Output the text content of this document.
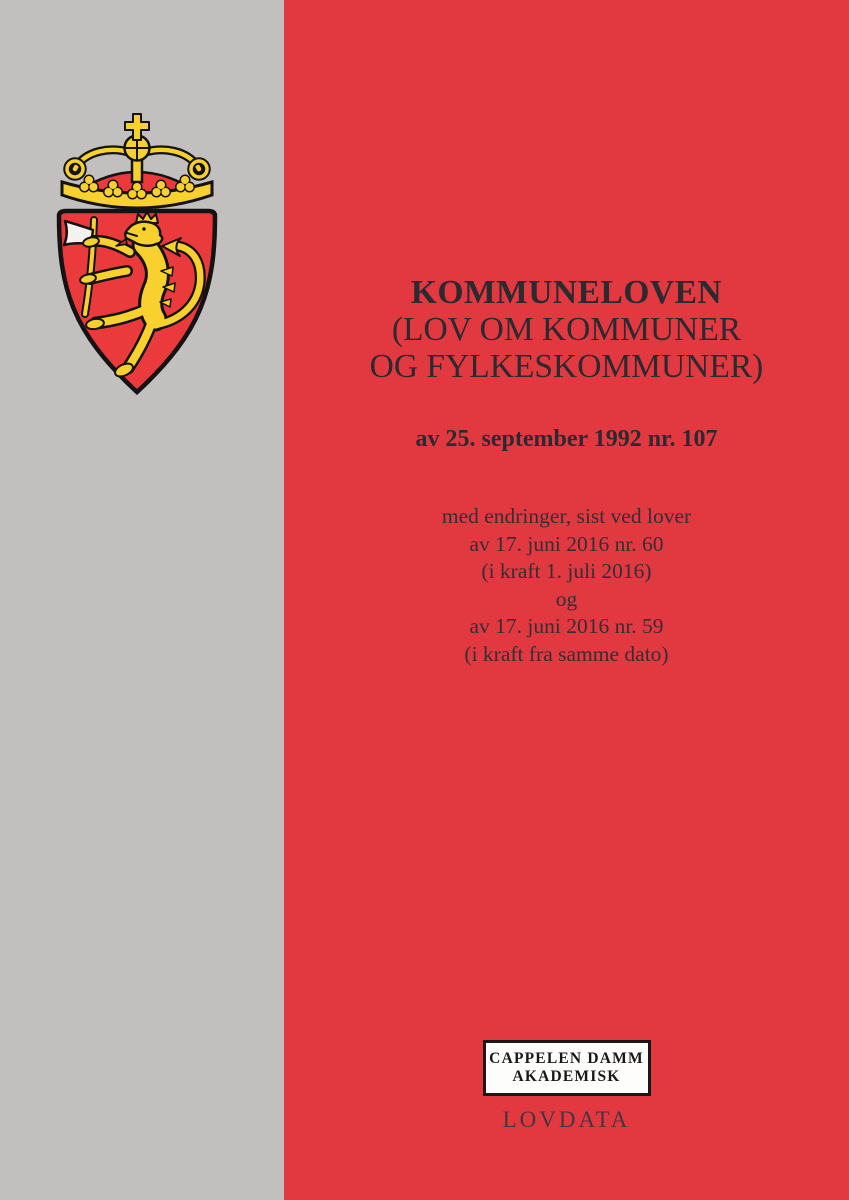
KOMMUNELOVEN
(LOV OM KOMMUNER
OG FYLKESKOMMUNER)
av 25. september 1992 nr. 107
med endringer, sist ved lover
av 17. juni 2016 nr. 60
(i kraft 1. juli 2016)
og
av 17. juni 2016 nr. 59
(i kraft fra samme dato)
CAPPELEN DAMM
AKADEMISK
LOVDATA
